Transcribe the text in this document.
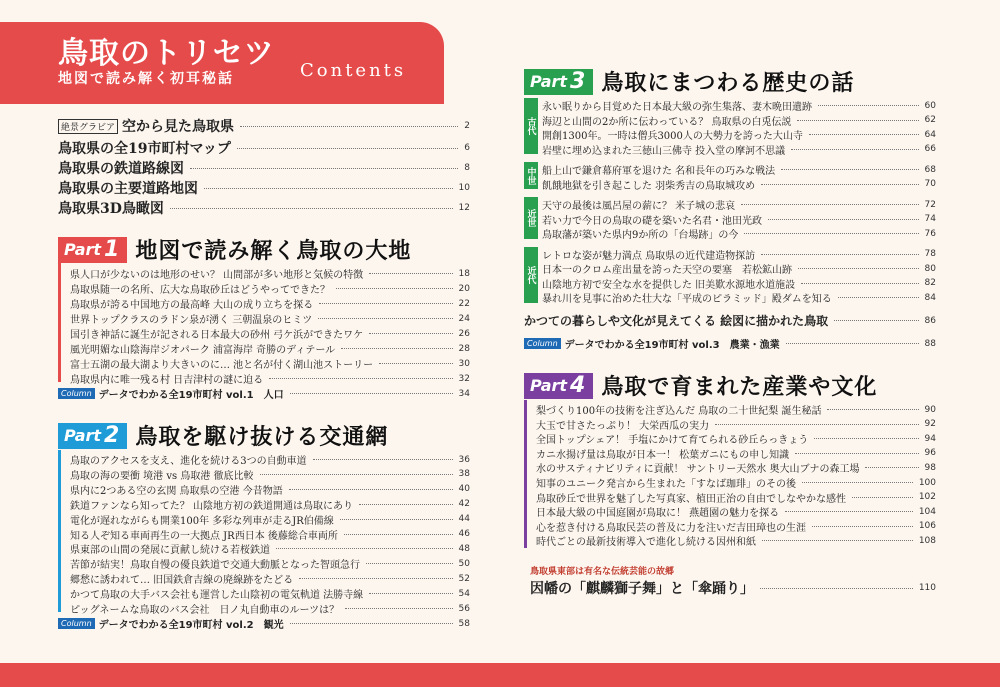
鳥取のトリセツ
地図で読み解く初耳秘話	Contents
絶景グラビア 空から見た鳥取県	2
鳥取県の全19市町村マップ	6
鳥取県の鉄道路線図	8
鳥取県の主要道路地図	10
鳥取県3D鳥瞰図	12
Part 1 地図で読み解く鳥取の大地
県人口が少ないのは地形のせい？ 山間部が多い地形と気候の特徴	18
鳥取県随一の名所、広大な鳥取砂丘はどうやってできた？	20
鳥取県が誇る中国地方の最高峰 大山の成り立ちを探る	22
世界トップクラスのラドン泉が湧く 三朝温泉のヒミツ	24
国引き神話に誕生が記される日本最大の砂州 弓ケ浜ができたワケ	26
風光明媚な山陰海岸ジオパーク 浦富海岸 奇勝のディテール	28
富士五湖の最大湖より大きいのに… 池と名が付く湖山池ストーリー	30
鳥取県内に唯一残る村 日吉津村の謎に迫る	32
Column データでわかる全19市町村 vol.1　人口	34
Part 2 鳥取を駆け抜ける交通網
鳥取のアクセスを支え、進化を続ける3つの自動車道	36
鳥取の海の要衝 境港 vs 鳥取港 徹底比較	38
県内に2つある空の玄関 鳥取県の空港 今昔物語	40
鉄道ファンなら知ってた？ 山陰地方初の鉄道開通は鳥取にあり	42
電化が遅れながらも開業100年 多彩な列車が走るJR伯備線	44
知る人ぞ知る車両再生の一大拠点 JR西日本 後藤総合車両所	46
県東部の山間の発展に貢献し続ける若桜鉄道	48
苦節が結実！鳥取自慢の優良鉄道で交通大動脈となった智頭急行	50
郷愁に誘われて… 旧国鉄倉吉線の廃線跡をたどる	52
かつて鳥取の大手バス会社も運営した山陰初の電気軌道 法勝寺線	54
ピッグネームな鳥取のバス会社　日ノ丸自動車のルーツは？	56
Column データでわかる全19市町村 vol.2　観光	58
Part 3 鳥取にまつわる歴史の話
古代
永い眠りから目覚めた日本最大級の弥生集落、妻木晩田遺跡	60
海辺と山間の2か所に伝わっている？ 鳥取県の白兎伝説	62
開創1300年。一時は僧兵3000人の大勢力を誇った大山寺	64
岩壁に埋め込まれた三徳山三佛寺 投入堂の摩訶不思議	66
中世 船上山で鎌倉幕府軍を退けた 名和長年の巧みな戦法	68
飢餓地獄を引き起こした 羽柴秀吉の鳥取城攻め	70
近世
天守の最後は風呂屋の薪に？ 米子城の悲哀	72
若い力で今日の鳥取の礎を築いた名君・池田光政	74
鳥取藩が築いた県内9か所の「台場跡」の今	76
近代
レトロな姿が魅力満点 鳥取県の近代建造物探訪	78
日本一のクロム産出量を誇った天空の要塞　若松鉱山跡	80
山陰地方初で安全な水を提供した 旧美歎水源地水道施設	82
暴れ川を見事に治めた壮大な「平成のピラミッド」殿ダムを知る	84
かつての暮らしや文化が見えてくる 絵図に描かれた鳥取	86
Column データでわかる全19市町村 vol.3　農業・漁業	88
Part 4 鳥取で育まれた産業や文化
梨づくり100年の技術を注ぎ込んだ 鳥取の二十世紀梨 誕生秘話	90
大玉で甘さたっぷり！ 大栄西瓜の実力	92
全国トップシェア！ 手塩にかけて育てられる砂丘らっきょう	94
カニ水揚げ量は鳥取が日本一！ 松葉ガニにもの申し知識	96
水のサスティナビリティに貢献！ サントリー天然水 奥大山ブナの森工場	98
知事のユニーク発言から生まれた「すなば珈琲」のその後	100
鳥取砂丘で世界を魅了した写真家、植田正治の自由でしなやかな感性	102
日本最大級の中国庭園が鳥取に！ 燕趙園の魅力を探る	104
心を惹き付ける鳥取民芸の普及に力を注いだ吉田璋也の生涯	106
時代ごとの最新技術導入で進化し続ける因州和紙	108
鳥取県東部は有名な伝統芸能の故郷
因幡の「麒麟獅子舞」と「傘踊り」	110
